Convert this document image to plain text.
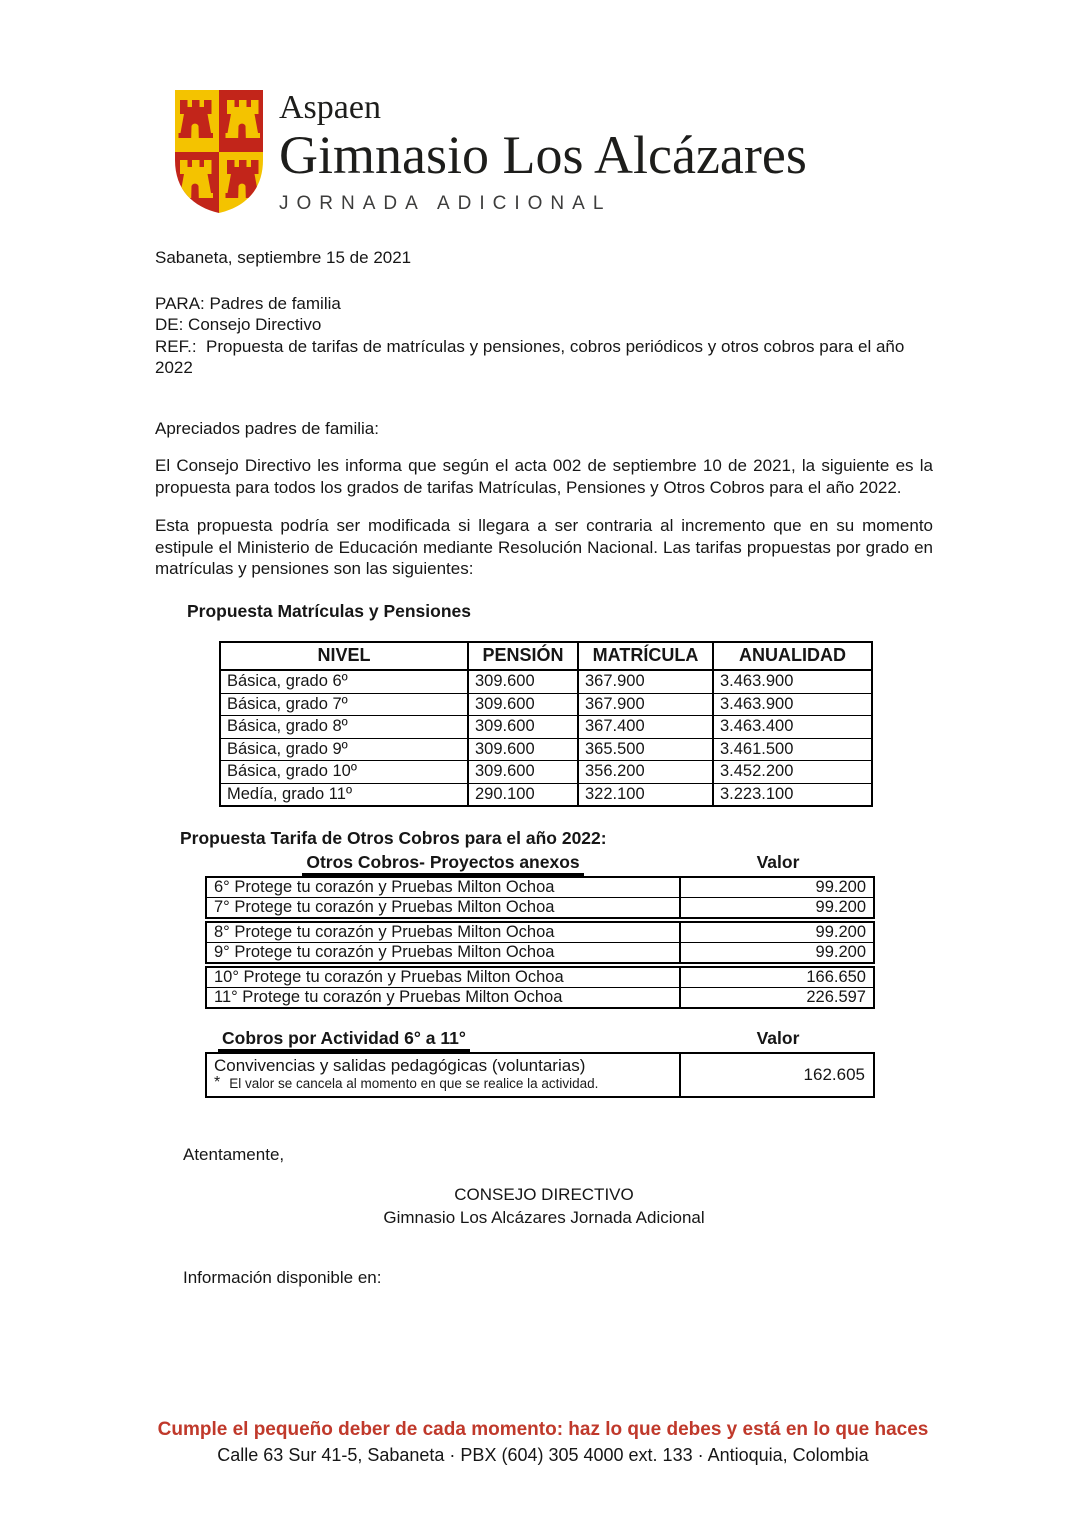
Aspaen
Gimnasio Los Alcázares
JORNADA ADICIONAL
Sabaneta, septiembre 15 de 2021
PARA: Padres de familia
DE: Consejo Directivo
REF.:  Propuesta de tarifas de matrículas y pensiones, cobros periódicos y otros cobros para el año 2022
Apreciados padres de familia:
El Consejo Directivo les informa que según el acta 002 de septiembre 10 de 2021, la siguiente es la propuesta para todos los grados de tarifas Matrículas, Pensiones y Otros Cobros para el año 2022.
Esta propuesta podría ser modificada si llegara a ser contraria al incremento que en su momento estipule el Ministerio de Educación mediante Resolución Nacional. Las tarifas propuestas por grado en matrículas y pensiones son las siguientes:
Propuesta Matrículas y Pensiones
NIVEL	PENSIÓN	MATRÍCULA	ANUALIDAD
Básica, grado 6º	309.600	367.900	3.463.900
Básica, grado 7º	309.600	367.900	3.463.900
Básica, grado 8º	309.600	367.400	3.463.400
Básica, grado 9º	309.600	365.500	3.461.500
Básica, grado 10º	309.600	356.200	3.452.200
Medía, grado 11º	290.100	322.100	3.223.100
Propuesta Tarifa de Otros Cobros para el año 2022:
Otros Cobros- Proyectos anexos	Valor
6° Protege tu corazón y Pruebas Milton Ochoa	99.200
7° Protege tu corazón y Pruebas Milton Ochoa	99.200
8° Protege tu corazón y Pruebas Milton Ochoa	99.200
9° Protege tu corazón y Pruebas Milton Ochoa	99.200
10° Protege tu corazón y Pruebas Milton Ochoa	166.650
11° Protege tu corazón y Pruebas Milton Ochoa	226.597
Cobros por Actividad 6° a 11°	Valor
Convivencias y salidas pedagógicas (voluntarias)
* El valor se cancela al momento en que se realice la actividad.	162.605
Atentamente,
CONSEJO DIRECTIVO
Gimnasio Los Alcázares Jornada Adicional
Información disponible en:
Cumple el pequeño deber de cada momento: haz lo que debes y está en lo que haces
Calle 63 Sur 41-5, Sabaneta · PBX (604) 305 4000 ext. 133 · Antioquia, Colombia
